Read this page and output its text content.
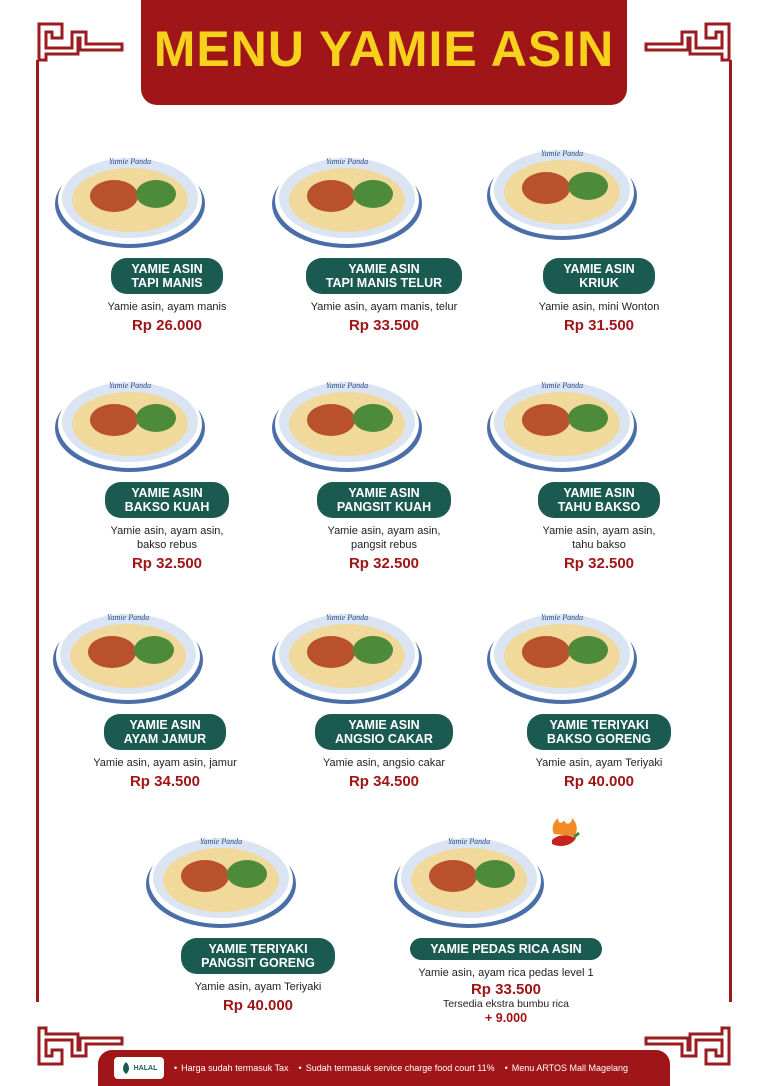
MENU YAMIE ASIN
Yamie Panda
YAMIE ASIN
TAPI MANIS
Yamie asin, ayam manis
Rp 26.000
Yamie Panda
YAMIE ASIN
TAPI MANIS TELUR
Yamie asin, ayam manis, telur
Rp 33.500
Yamie Panda
YAMIE ASIN
KRIUK
Yamie asin, mini Wonton
Rp 31.500
Yamie Panda
YAMIE ASIN
BAKSO KUAH
Yamie asin, ayam asin,
bakso rebus
Rp 32.500
Yamie Panda
YAMIE ASIN
PANGSIT KUAH
Yamie asin, ayam asin,
pangsit rebus
Rp 32.500
Yamie Panda
YAMIE ASIN
TAHU BAKSO
Yamie asin, ayam asin,
tahu bakso
Rp 32.500
Yamie Panda
YAMIE ASIN
AYAM JAMUR
Yamie asin, ayam asin, jamur
Rp 34.500
Yamie Panda
YAMIE ASIN
ANGSIO CAKAR
Yamie asin, angsio cakar
Rp 34.500
Yamie Panda
YAMIE TERIYAKI
BAKSO GORENG
Yamie asin, ayam Teriyaki
Rp 40.000
Yamie Panda
YAMIE TERIYAKI
PANGSIT GORENG
Yamie asin, ayam Teriyaki
Rp 40.000
Yamie Panda
YAMIE PEDAS RICA ASIN
Yamie asin, ayam rica pedas level 1
Rp 33.500
Tersedia ekstra bumbu rica
+ 9.000
HALAL • Harga sudah termasuk Tax • Sudah termasuk service charge food court 11% • Menu ARTOS Mall Magelang
